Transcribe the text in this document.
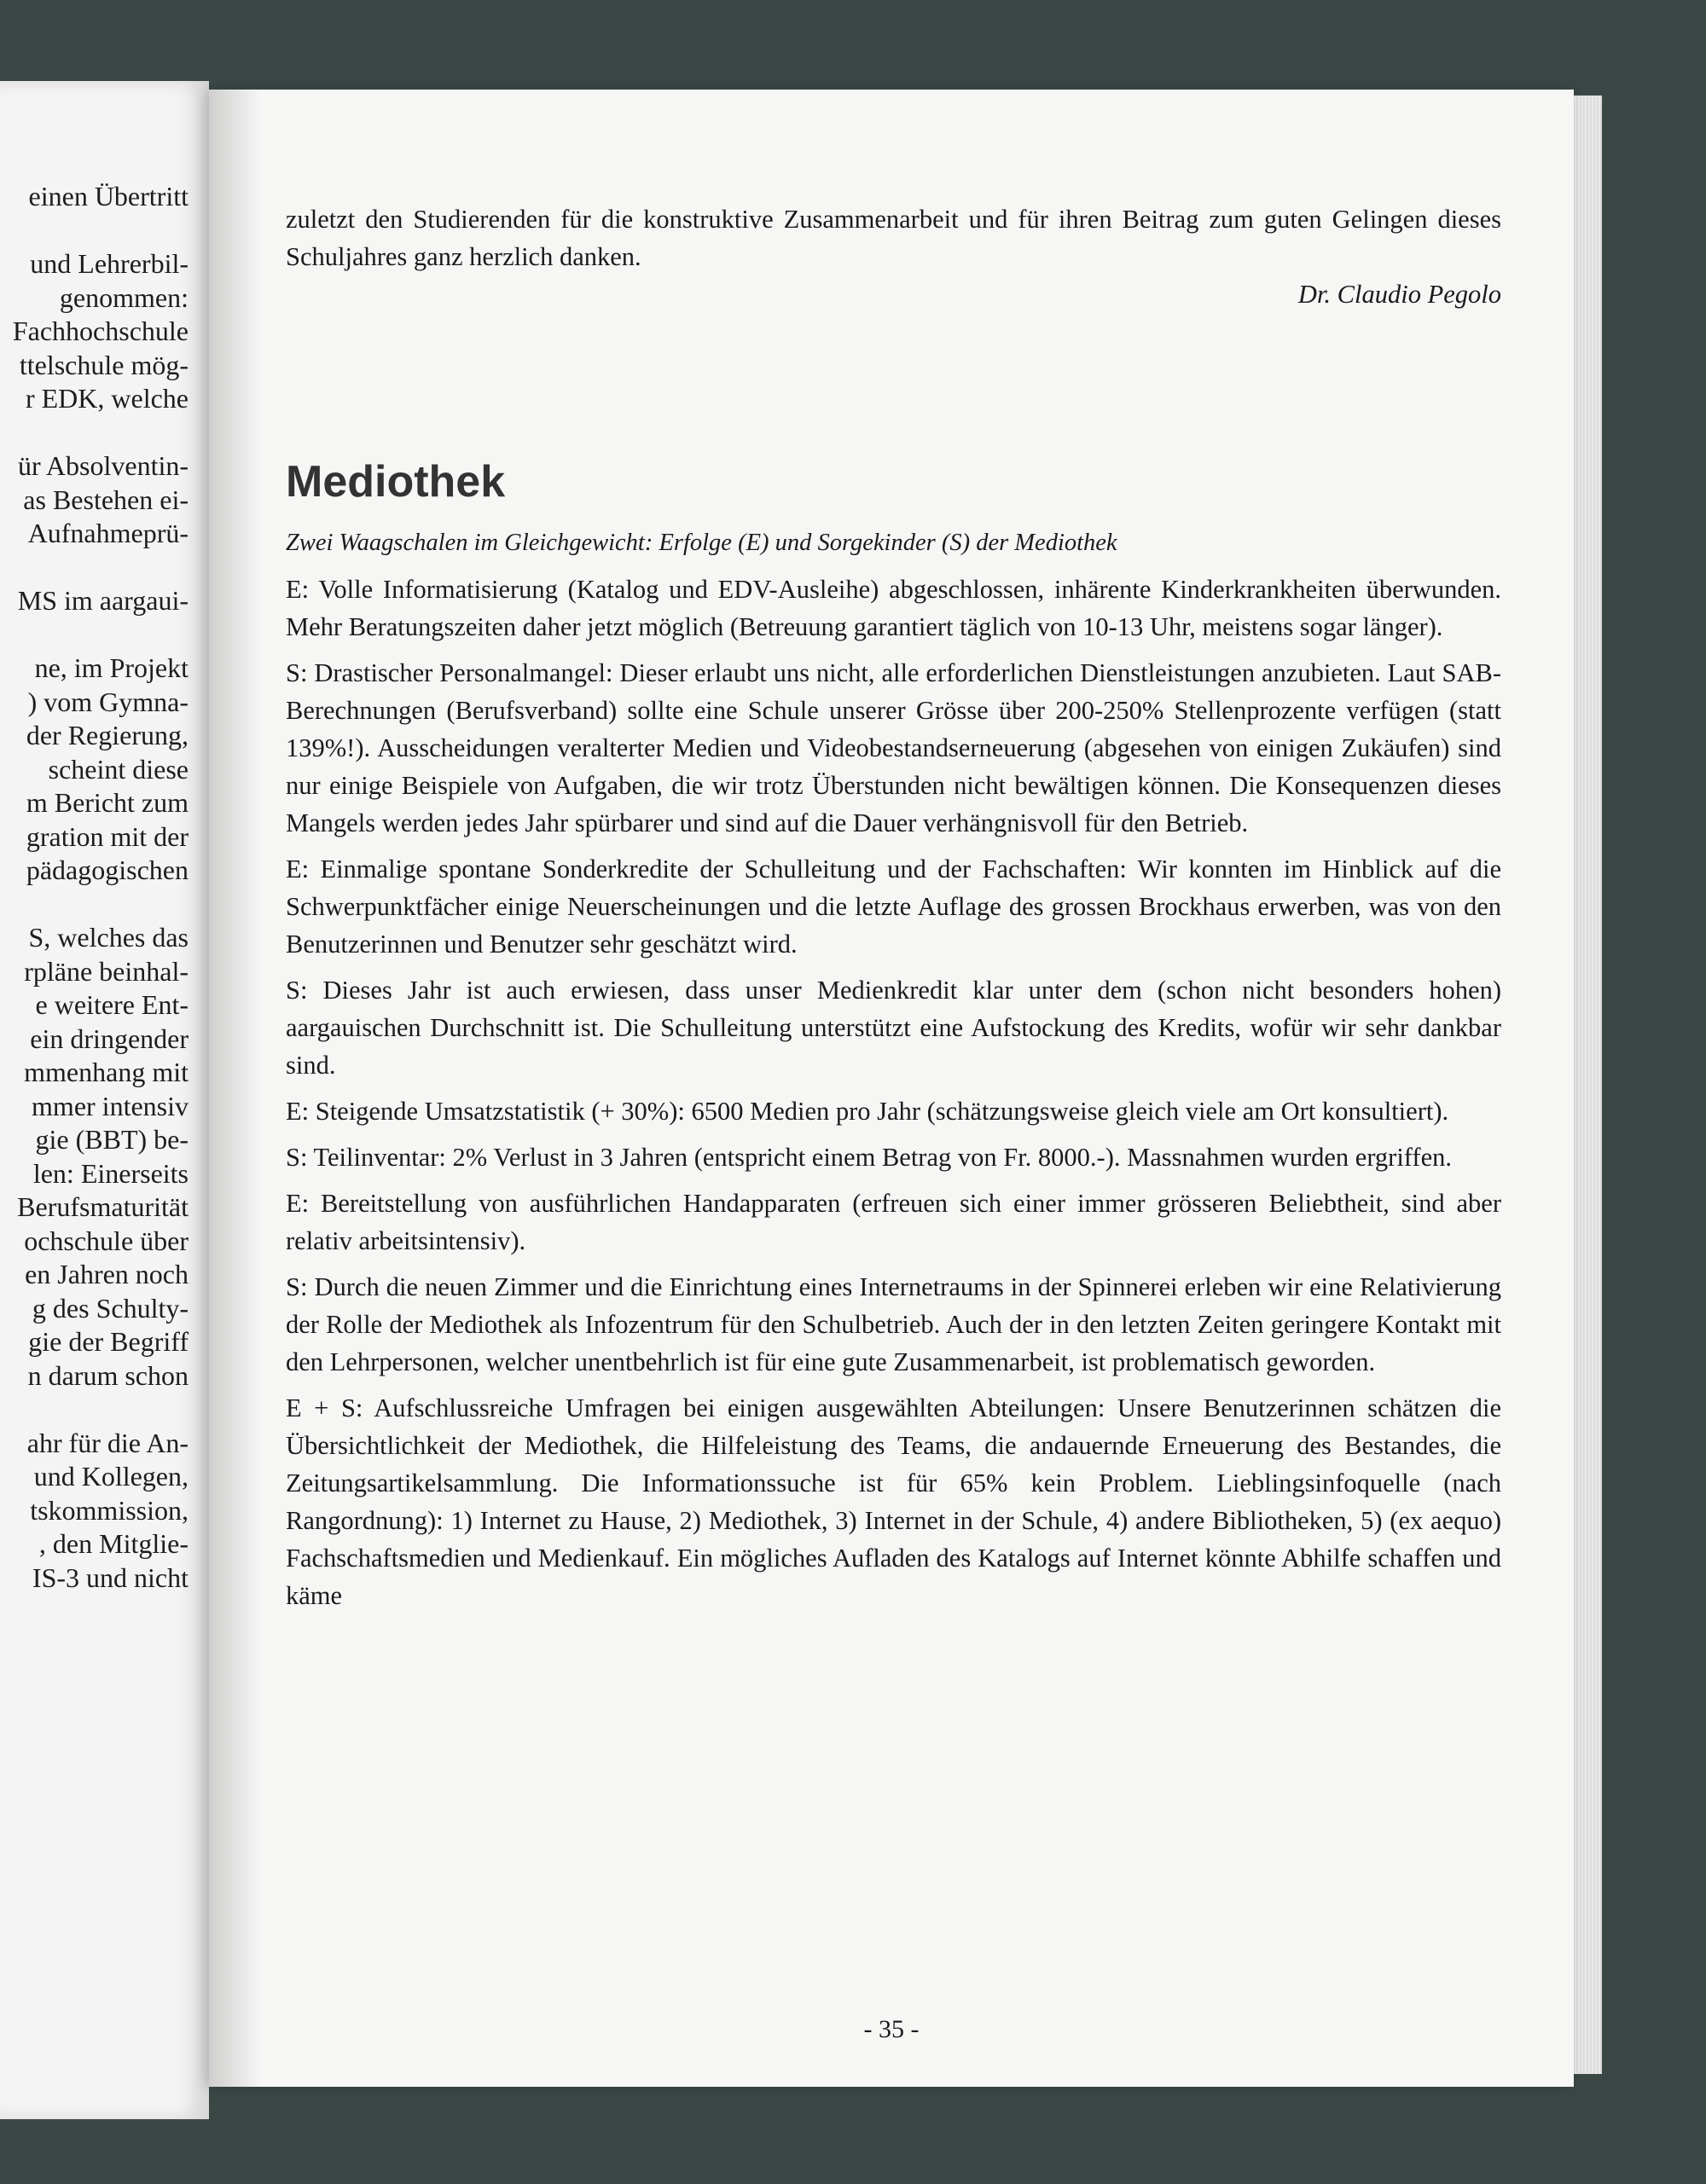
einen Übertritt
und Lehrerbil-
genommen:
Fachhochschule
ttelschule mög-
r EDK, welche
ür Absolventin-
as Bestehen ei-
Aufnahmeprü-
MS im aargaui-
ne, im Projekt
) vom Gymna-
der Regierung,
scheint diese
m Bericht zum
gration mit der
pädagogischen
S, welches das
rpläne beinhal-
e weitere Ent-
ein dringender
mmenhang mit
mmer intensiv
gie (BBT) be-
len: Einerseits
Berufsmaturität
ochschule über
en Jahren noch
g des Schulty-
gie der Begriff
n darum schon
ahr für die An-
und Kollegen,
tskommission,
, den Mitglie-
IS-3 und nicht

zuletzt den Studierenden für die konstruktive Zusammenarbeit und für ihren Beitrag zum guten Gelingen dieses Schuljahres ganz herzlich danken.

Dr. Claudio Pegolo

Mediothek

Zwei Waagschalen im Gleichgewicht: Erfolge (E) und Sorgekinder (S) der Mediothek

E: Volle Informatisierung (Katalog und EDV-Ausleihe) abgeschlossen, inhärente Kinderkrankheiten überwunden. Mehr Beratungszeiten daher jetzt möglich (Betreuung garantiert täglich von 10-13 Uhr, meistens sogar länger).

S: Drastischer Personalmangel: Dieser erlaubt uns nicht, alle erforderlichen Dienstleistungen anzubieten. Laut SAB-Berechnungen (Berufsverband) sollte eine Schule unserer Grösse über 200-250% Stellenprozente verfügen (statt 139%!). Ausscheidungen veralterter Medien und Videobestandserneuerung (abgesehen von einigen Zukäufen) sind nur einige Beispiele von Aufgaben, die wir trotz Überstunden nicht bewältigen können. Die Konsequenzen dieses Mangels werden jedes Jahr spürbarer und sind auf die Dauer verhängnisvoll für den Betrieb.

E: Einmalige spontane Sonderkredite der Schulleitung und der Fachschaften: Wir konnten im Hinblick auf die Schwerpunktfächer einige Neuerscheinungen und die letzte Auflage des grossen Brockhaus erwerben, was von den Benutzerinnen und Benutzer sehr geschätzt wird.

S: Dieses Jahr ist auch erwiesen, dass unser Medienkredit klar unter dem (schon nicht besonders hohen) aargauischen Durchschnitt ist. Die Schulleitung unterstützt eine Aufstockung des Kredits, wofür wir sehr dankbar sind.

E: Steigende Umsatzstatistik (+ 30%): 6500 Medien pro Jahr (schätzungsweise gleich viele am Ort konsultiert).

S: Teilinventar: 2% Verlust in 3 Jahren (entspricht einem Betrag von Fr. 8000.-). Massnahmen wurden ergriffen.

E: Bereitstellung von ausführlichen Handapparaten (erfreuen sich einer immer grösseren Beliebtheit, sind aber relativ arbeitsintensiv).

S: Durch die neuen Zimmer und die Einrichtung eines Internetraums in der Spinnerei erleben wir eine Relativierung der Rolle der Mediothek als Infozentrum für den Schulbetrieb. Auch der in den letzten Zeiten geringere Kontakt mit den Lehrpersonen, welcher unentbehrlich ist für eine gute Zusammenarbeit, ist problematisch geworden.

E + S: Aufschlussreiche Umfragen bei einigen ausgewählten Abteilungen: Unsere Benutzerinnen schätzen die Übersichtlichkeit der Mediothek, die Hilfeleistung des Teams, die andauernde Erneuerung des Bestandes, die Zeitungsartikelsammlung. Die Informationssuche ist für 65% kein Problem. Lieblingsinfoquelle (nach Rangordnung): 1) Internet zu Hause, 2) Mediothek, 3) Internet in der Schule, 4) andere Bibliotheken, 5) (ex aequo) Fachschaftsmedien und Medienkauf. Ein mögliches Aufladen des Katalogs auf Internet könnte Abhilfe schaffen und käme

- 35 -
